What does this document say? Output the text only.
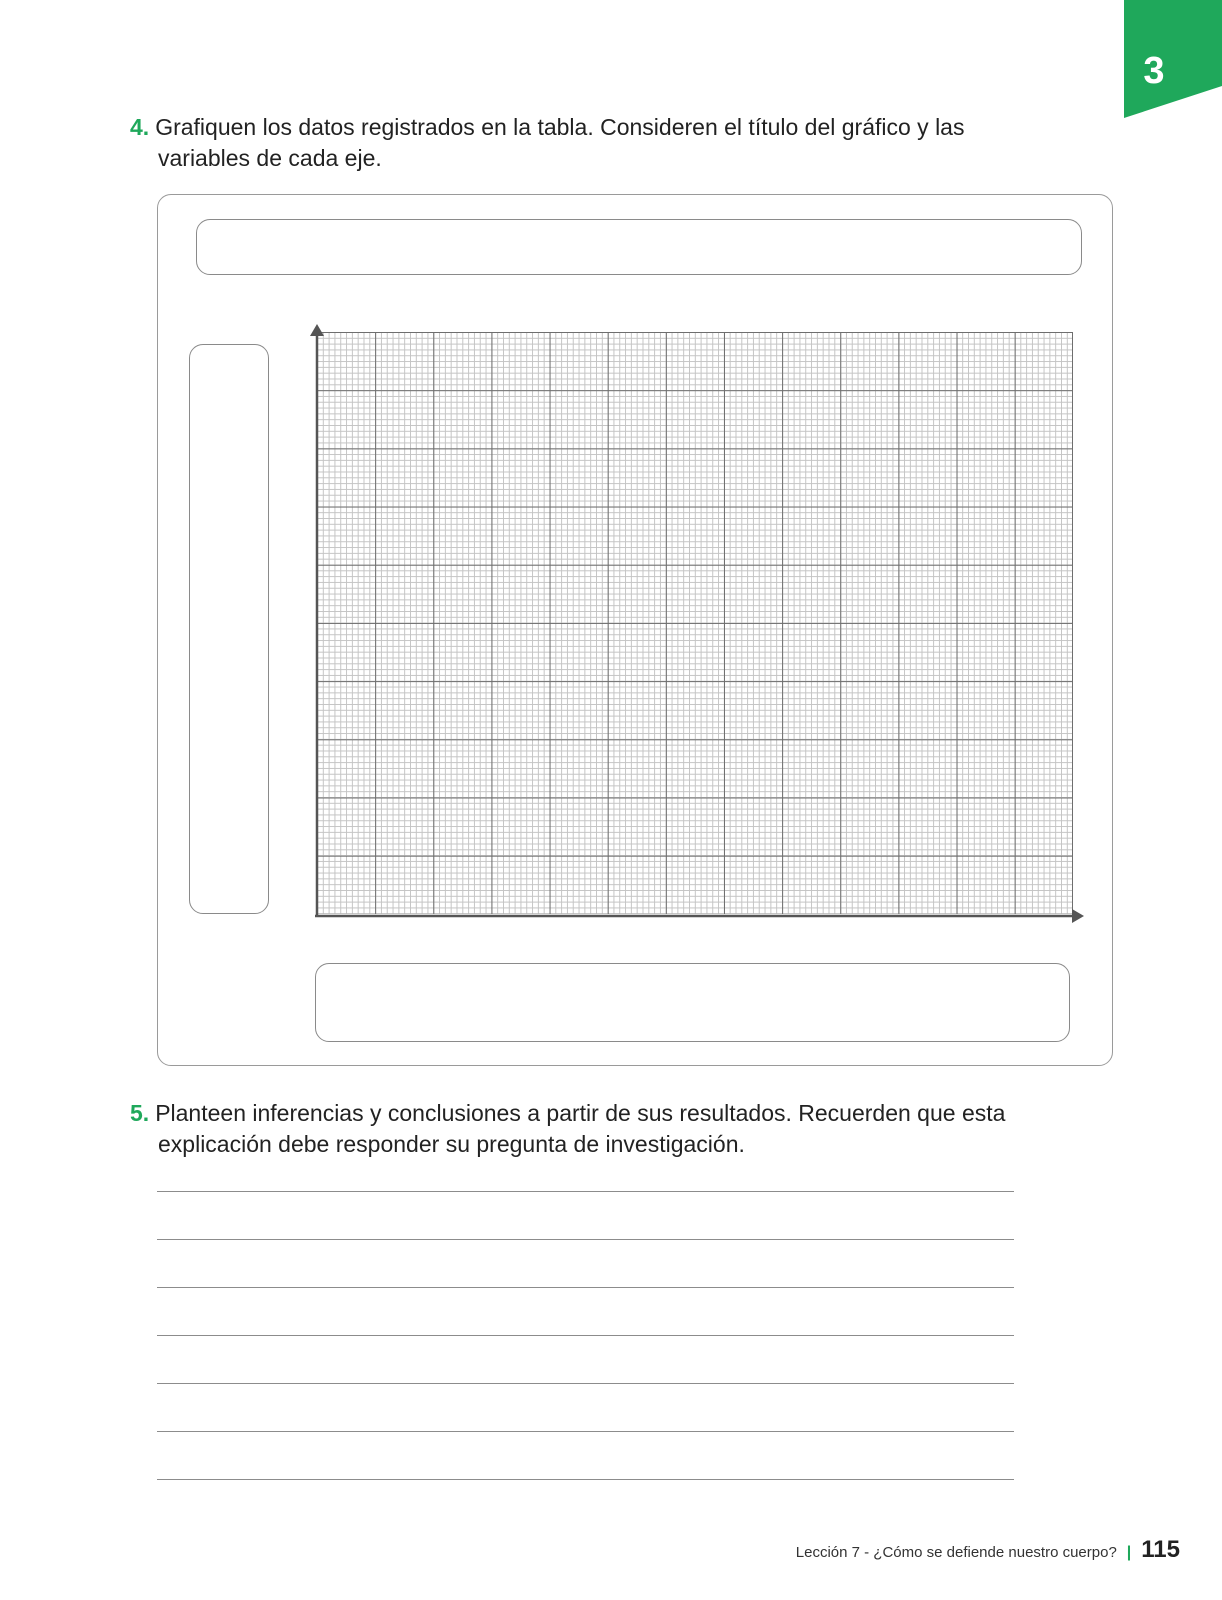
3
4. Grafiquen los datos registrados en la tabla. Consideren el título del gráfico y las
variables de cada eje.
5. Planteen inferencias y conclusiones a partir de sus resultados. Recuerden que esta
explicación debe responder su pregunta de investigación.
Lección 7 - ¿Cómo se defiende nuestro cuerpo? | 115
